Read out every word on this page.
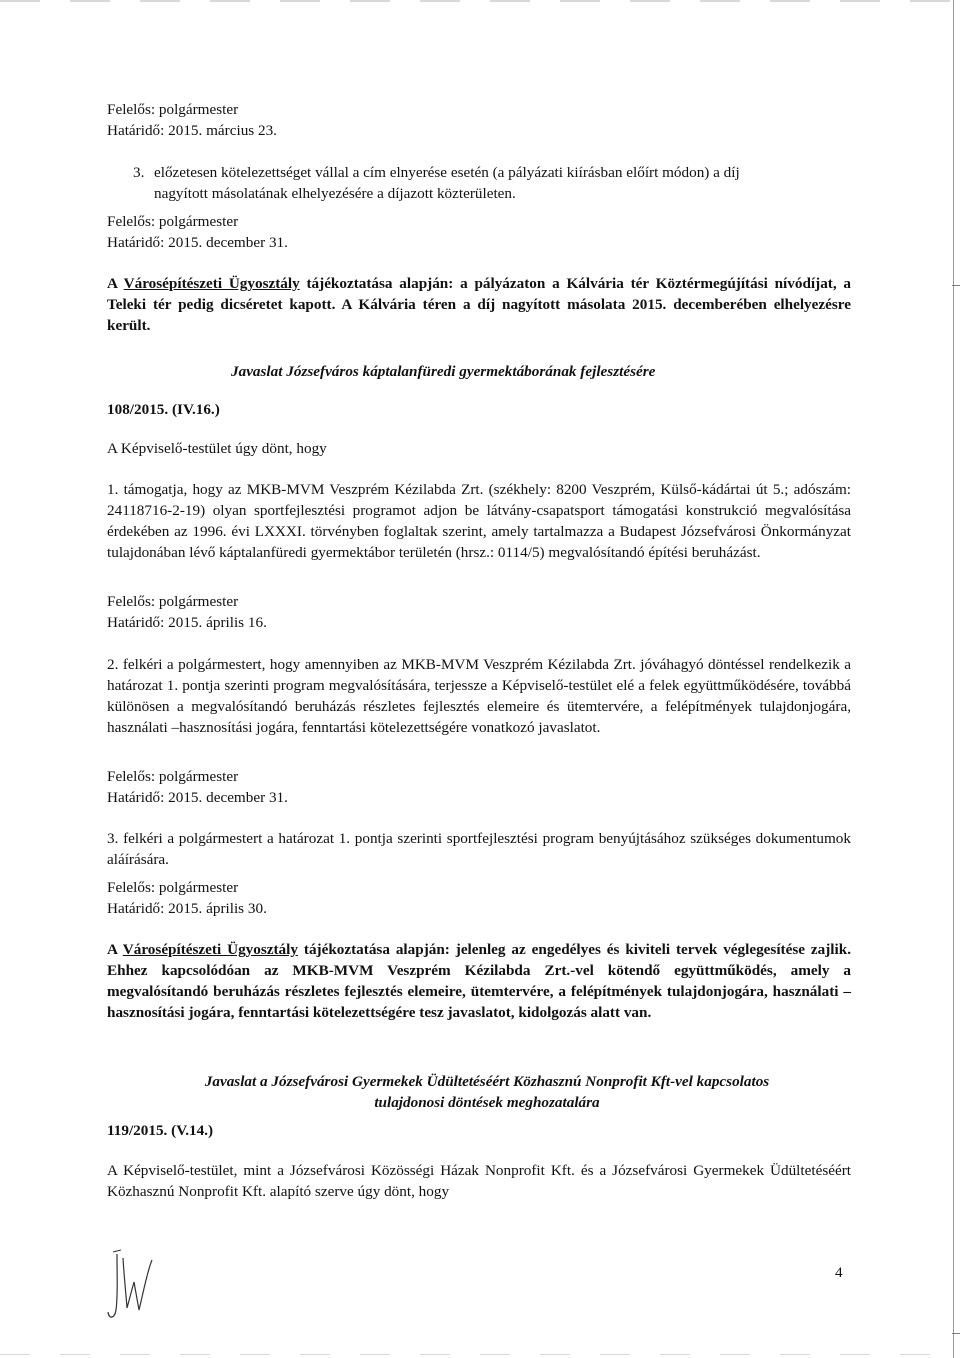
Felelős: polgármester

Határidő: 2015. március 23.

3. előzetesen kötelezettséget vállal a cím elnyerése esetén (a pályázati kiírásban előírt módon) a díj
nagyított másolatának elhelyezésére a díjazott közterületen.

Felelős: polgármester

Határidő: 2015. december 31.

A Városépítészeti Ügyosztály tájékoztatása alapján: a pályázaton a Kálvária tér Köztérmegújítási nívódíjat, a Teleki tér pedig dicséretet kapott. A Kálvária téren a díj nagyított másolata 2015. decemberében elhelyezésre került.

Javaslat Józsefváros káptalanfüredi gyermektáborának fejlesztésére

108/2015. (IV.16.)

A Képviselő-testület úgy dönt, hogy

1. támogatja, hogy az MKB-MVM Veszprém Kézilabda Zrt. (székhely: 8200 Veszprém, Külső-kádártai út 5.; adószám: 24118716-2-19) olyan sportfejlesztési programot adjon be látvány-csapatsport támogatási konstrukció megvalósítása érdekében az 1996. évi LXXXI. törvényben foglaltak szerint, amely tartalmazza a Budapest Józsefvárosi Önkormányzat tulajdonában lévő káptalanfüredi gyermektábor területén (hrsz.: 0114/5) megvalósítandó építési beruházást.

Felelős: polgármester

Határidő: 2015. április 16.

2. felkéri a polgármestert, hogy amennyiben az MKB-MVM Veszprém Kézilabda Zrt. jóváhagyó döntéssel rendelkezik a határozat 1. pontja szerinti program megvalósítására, terjessze a Képviselő-testület elé a felek együttműködésére, továbbá különösen a megvalósítandó beruházás részletes fejlesztés elemeire és ütemtervére, a felépítmények tulajdonjogára, használati –hasznosítási jogára, fenntartási kötelezettségére vonatkozó javaslatot.

Felelős: polgármester

Határidő: 2015. december 31.

3. felkéri a polgármestert a határozat 1. pontja szerinti sportfejlesztési program benyújtásához szükséges dokumentumok aláírására.

Felelős: polgármester

Határidő: 2015. április 30.

A Városépítészeti Ügyosztály tájékoztatása alapján: jelenleg az engedélyes és kiviteli tervek véglegesítése zajlik. Ehhez kapcsolódóan az MKB-MVM Veszprém Kézilabda Zrt.-vel kötendő együttműködés, amely a megvalósítandó beruházás részletes fejlesztés elemeire, ütemtervére, a felépítmények tulajdonjogára, használati –hasznosítási jogára, fenntartási kötelezettségére tesz javaslatot, kidolgozás alatt van.

Javaslat a Józsefvárosi Gyermekek Üdültetéséért Közhasznú Nonprofit Kft-vel kapcsolatos
tulajdonosi döntések meghozatalára

119/2015. (V.14.)

A Képviselő-testület, mint a Józsefvárosi Közösségi Házak Nonprofit Kft. és a Józsefvárosi Gyermekek Üdültetéséért Közhasznú Nonprofit Kft. alapító szerve úgy dönt, hogy

4
